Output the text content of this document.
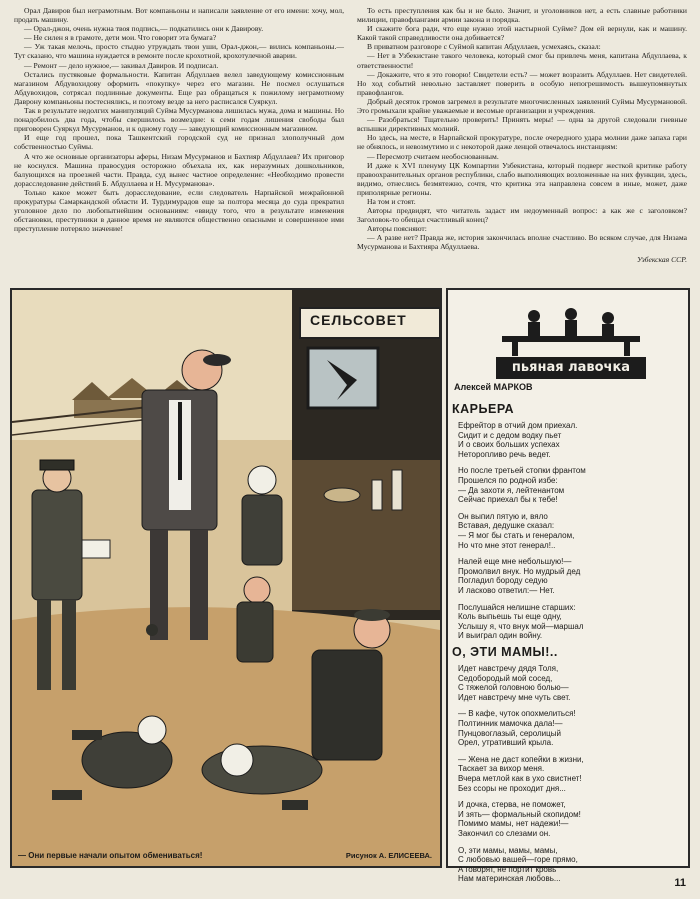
Орал Давиров был неграмотным. Вот компаньоны и написали заявление от его имени: хочу, мол, продать машину.

— Орал-джон, очень нужна твоя подпись,— подкатились они к Давирову.

— Не силен я в грамоте, дети мои. Что говорит эта бумага?

— Уж такая мелочь, просто стыдно утруждать твои уши, Орал-джон,— вились компаньоны.— Тут сказано, что машина нуждается в ремонте после крохотной, крохотулечной аварии.

— Ремонт — дело нужное,— закивал Давиров. И подписал.

Остались пустяковые формальности. Капитан Абдуллаев велел заведующему комиссионным магазином Абдувохидову оформить «покупку» через его магазин. Не посмел ослушаться Абдувохидов, сотрясал подлинные документы. Еще раз обращаться к пожилому неграмотному Даврону компаньоны постеснялись, и поэтому везде за него расписался Суяркул.

Так в результате недолгих манипуляций Суйма Мусурманова лишилась мужа, дома и машины. Но понадобилось два года, чтобы свершилось возмездие: к семи годам лишения свободы был приговорен Суяркул Мусурманов, и к одному году — заведующий комиссионным магазином.

И еще год прошел, пока Ташкентский городской суд не признал злополучный дом собственностью Суймы.

А что же основные организаторы аферы, Низам Мусурманов и Бахтияр Абдуллаев? Их приговор не коснулся. Машина правосудия осторожно объехала их, как неразумных дошкольников, балующихся на проезжей части. Правда, суд вынес частное определение: «Необходимо провести дорасследование действий Б. Абдуллаева и Н. Мусурманова».

Только какое может быть дорасследование, если следователь Нарпайской межрайонной прокуратуры Самаркандской области И. Турдимурадов еще за полтора месяца до суда прекратил уголовное дело по любопытнейшим основаниям: «ввиду того, что в результате изменения обстановки, преступники в данное время не являются общественно опасными и совершенное ими преступление потеряло значение!

То есть преступления как бы и не было. Значит, и уголовников нет, а есть славные работники милиции, правофлангами армии закона и порядка.

И скажите бога ради, что еще нужно этой настырной Суйме? Дом ей вернули, как и машину. Какой такой справедливости она добивается?

В приватном разговоре с Суймой капитан Абдуллаев, усмехаясь, сказал:

— Нет в Узбекистане такого человека, который смог бы привлечь меня, капитана Абдуллаева, к ответственности!

— Докажите, что я это говорю! Свидетели есть? — может возразить Абдуллаев. Нет свидетелей. Но ход событий невольно заставляет поверить в особую непогрешимость вышеупомянутых правофлангов.

Добрый десяток громов загремел в результате многочисленных заявлений Суймы Мусурмановой. Это громыхали крайне уважаемые и весомые организации и учреждения.

— Разобраться! Тщательно проверить! Принять меры! — одна за другой следовали гневные вспышки директивных молний.

Но здесь, на месте, в Нарпайской прокуратуре, после очередного удара молнии даже запаха гари не обнялось, и невозмутимо и с некоторой даже ленцой отвечалось инстанциям:

— Пересмотр считаем необоснованным.

И даже к XVI пленуму ЦК Компартии Узбекистана, который подверг жесткой критике работу правоохранительных органов республики, слабо выполняющих возложенные на них функции, здесь, видимо, отнеслись безмятежно, сочтя, что критика эта направлена совсем в иные, может, даже приполярные регионы.

На том и стоят.

Авторы предвидят, что читатель задаст им недоуменный вопрос: а как же с заголовком? Заголовок-то обещал счастливый конец?

Авторы поясняют:

— А разве нет? Правда же, история закончилась вполне счастливо. Во всяком случае, для Низама Мусурманова и Бахтияра Абдуллаева.

Узбекская ССР.
СЕЛЬСОВЕТ
— Они первые начали опытом обмениваться!	Рисунок А. ЕЛИСЕЕВА.
пьяная лавочка
Алексей МАРКОВ
КАРЬЕРА
Ефрейтор в отчий дом приехал.
Сидит и с дедом водку пьет
И о своих больших успехах
Неторопливо речь ведет.
Но после третьей стопки франтом
Прошелся по родной избе:
— Да захоти я, лейтенантом
Сейчас приехал бы к тебе!
Он выпил пятую и, вяло
Вставая, дедушке сказал:
— Я мог бы стать и генералом,
Но что мне этот генерал!..
Налей еще мне небольшую!—
Промолвил внук. Но мудрый дед
Погладил бороду седую
И ласково ответил:— Нет.
Послушайся нелишне старших:
Коль выпьешь ты еще одну,
Услышу я, что внук мой—маршал
И выиграл один войну.
О, ЭТИ МАМЫ!..
Идет навстречу дядя Толя,
Седобородый мой сосед,
С тяжелой головною болью—
Идет навстречу мне чуть свет.
— В кафе, чуток опохмелиться!
Полтинник мамочка дала!—
Пунцовоглазый, серолицый
Орел, утративший крыла.
— Жена не даст копейки в жизни,
Таскает за вихор меня.
Вчера метлой как в ухо свистнет!
Без ссоры не проходит дня...
И дочка, стерва, не поможет,
И зять— формальный скопидом!
Помимо мамы, нет надежи!—
Закончил со слезами он.
О, эти мамы, мамы, мамы,
С любовью вашей—горе прямо,
А говорят, не портит кровь
Нам материнская любовь...	11
